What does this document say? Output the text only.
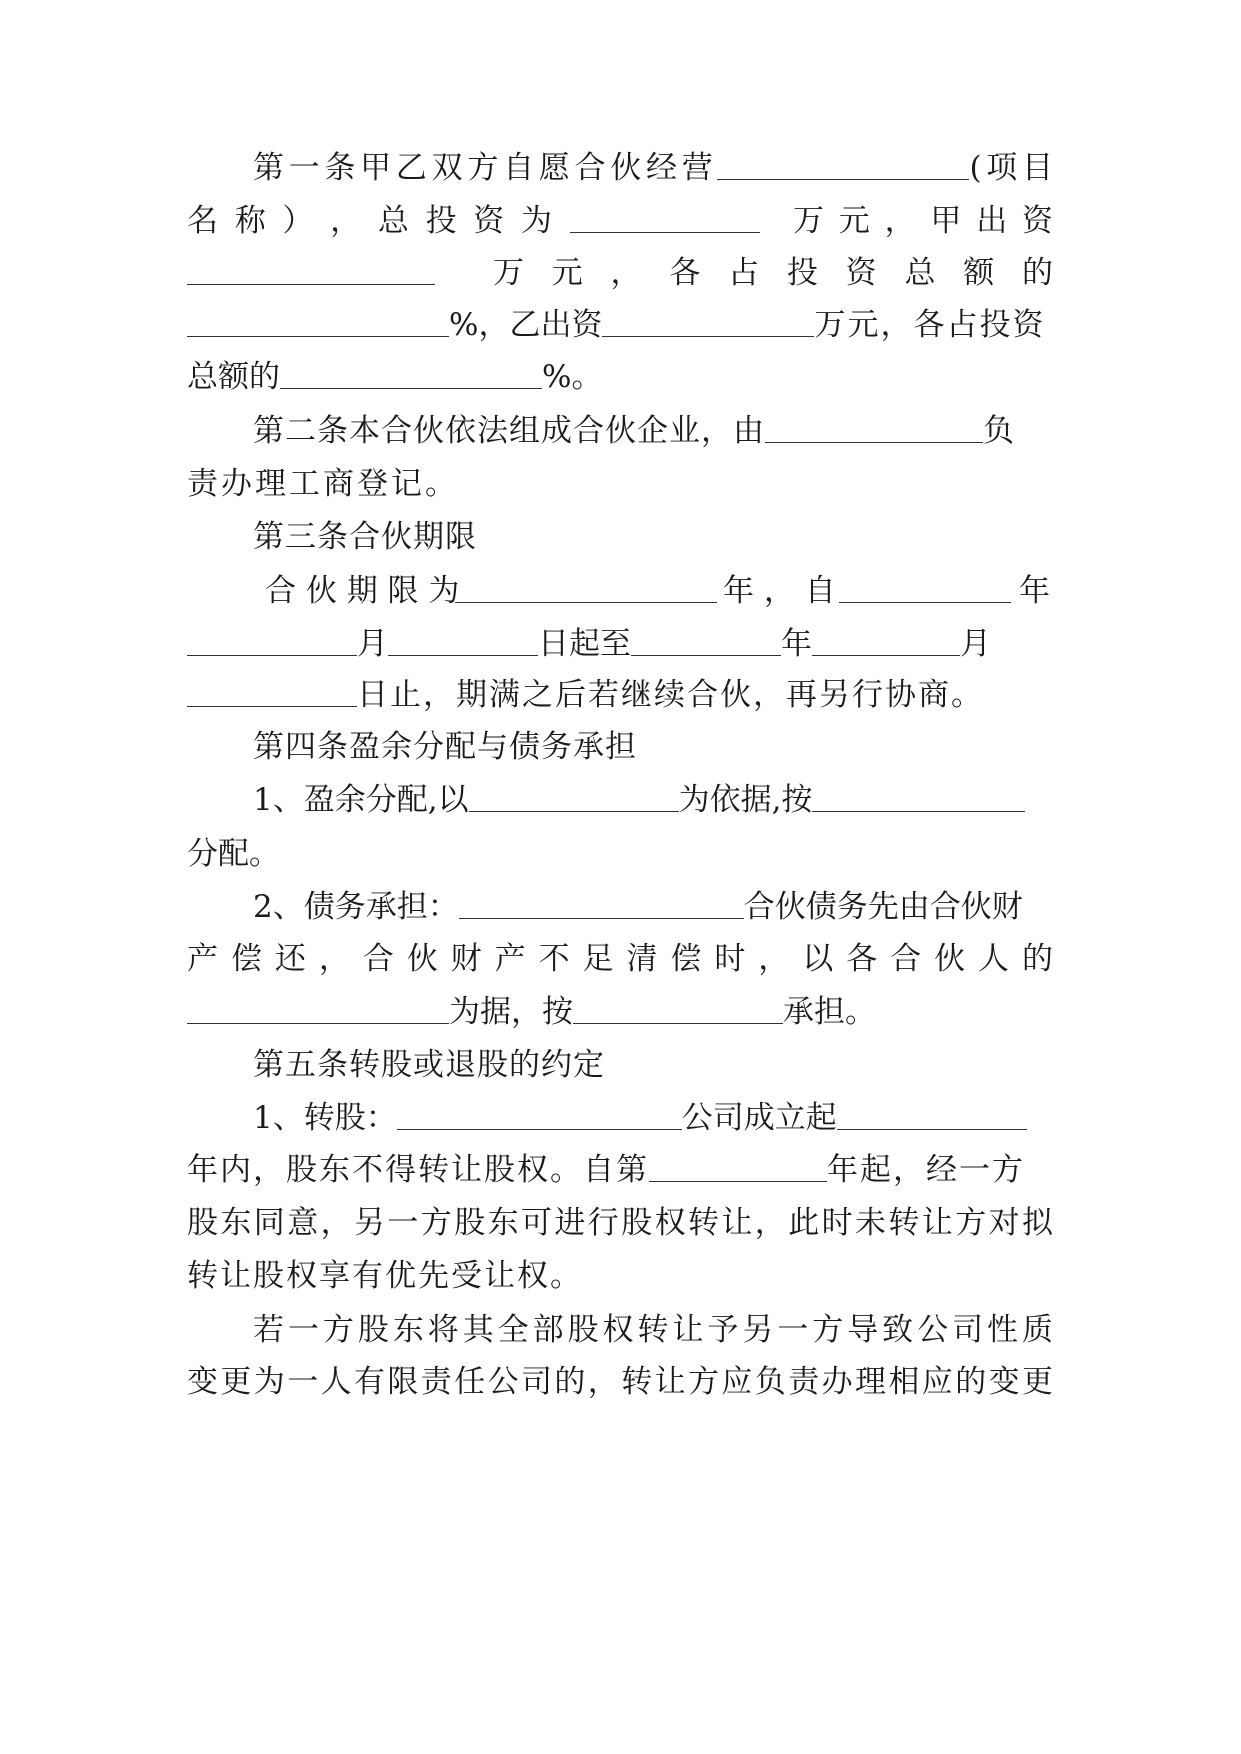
第一条甲乙双方自愿合伙经营	(项目
名 称 ） ， 总 投 资 为	万 元 ， 甲 出 资
万 元 ， 各 占 投 资 总 额 的
%，乙出资	万元，各占投资
总额的	%。
第二条本合伙依法组成合伙企业，由	负
责办理工商登记。
第三条合伙期限
合 伙 期 限 为	年 ， 自	年
月	日起至	年	月
日止，期满之后若继续合伙，再另行协商。
第四条盈余分配与债务承担
1、盈余分配,以	为依据,按
分配。
2、债务承担：	合伙债务先由合伙财
产 偿 还 ， 合 伙 财 产 不 足 清 偿 时 ， 以 各 合 伙 人 的
为据，按	承担。
第五条转股或退股的约定
1、转股：	公司成立起
年内，股东不得转让股权。自第	年起，经一方
股东同意，另一方股东可进行股权转让，此时未转让方对拟
转让股权享有优先受让权。
若一方股东将其全部股权转让予另一方导致公司性质
变更为一人有限责任公司的，转让方应负责办理相应的变更
